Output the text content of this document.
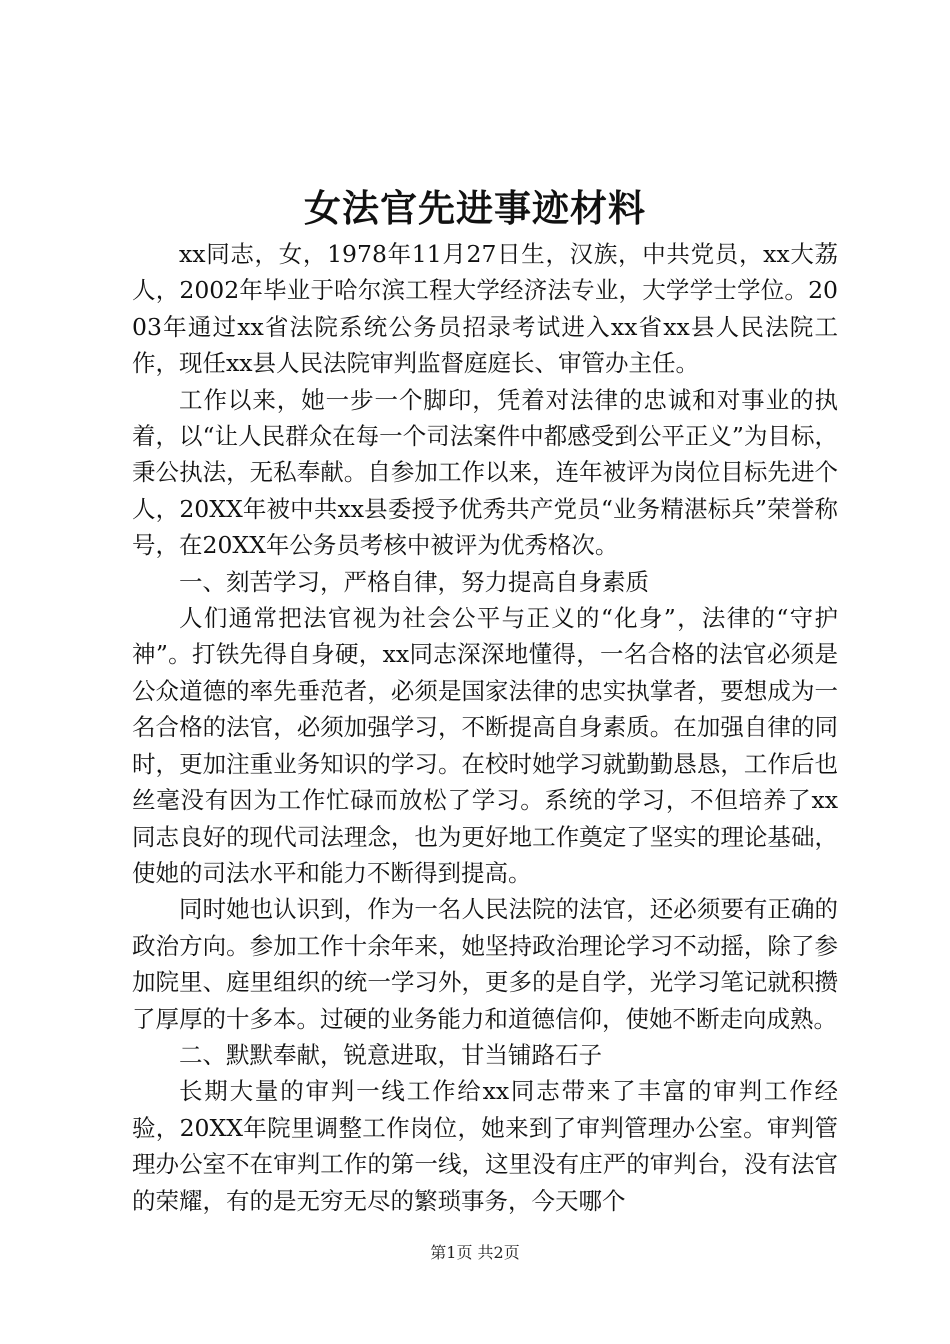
女法官先进事迹材料

xx同志，女，1978年11月27日生，汉族，中共党员，xx大荔人，2002年毕业于哈尔滨工程大学经济法专业，大学学士学位。2003年通过xx省法院系统公务员招录考试进入xx省xx县人民法院工作，现任xx县人民法院审判监督庭庭长、审管办主任。

工作以来，她一步一个脚印，凭着对法律的忠诚和对事业的执着，以“让人民群众在每一个司法案件中都感受到公平正义”为目标，秉公执法，无私奉献。自参加工作以来，连年被评为岗位目标先进个人，20XX年被中共xx县委授予优秀共产党员“业务精湛标兵”荣誉称号，在20XX年公务员考核中被评为优秀格次。

一、刻苦学习，严格自律，努力提高自身素质

人们通常把法官视为社会公平与正义的“化身”，法律的“守护神”。打铁先得自身硬，xx同志深深地懂得，一名合格的法官必须是公众道德的率先垂范者，必须是国家法律的忠实执掌者，要想成为一名合格的法官，必须加强学习，不断提高自身素质。在加强自律的同时，更加注重业务知识的学习。在校时她学习就勤勤恳恳，工作后也丝毫没有因为工作忙碌而放松了学习。系统的学习，不但培养了xx同志良好的现代司法理念，也为更好地工作奠定了坚实的理论基础，使她的司法水平和能力不断得到提高。

同时她也认识到，作为一名人民法院的法官，还必须要有正确的政治方向。参加工作十余年来，她坚持政治理论学习不动摇，除了参加院里、庭里组织的统一学习外，更多的是自学，光学习笔记就积攒了厚厚的十多本。过硬的业务能力和道德信仰，使她不断走向成熟。

二、默默奉献，锐意进取，甘当铺路石子

长期大量的审判一线工作给xx同志带来了丰富的审判工作经验，20XX年院里调整工作岗位，她来到了审判管理办公室。审判管理办公室不在审判工作的第一线，这里没有庄严的审判台，没有法官的荣耀，有的是无穷无尽的繁琐事务，今天哪个

第1页 共2页
